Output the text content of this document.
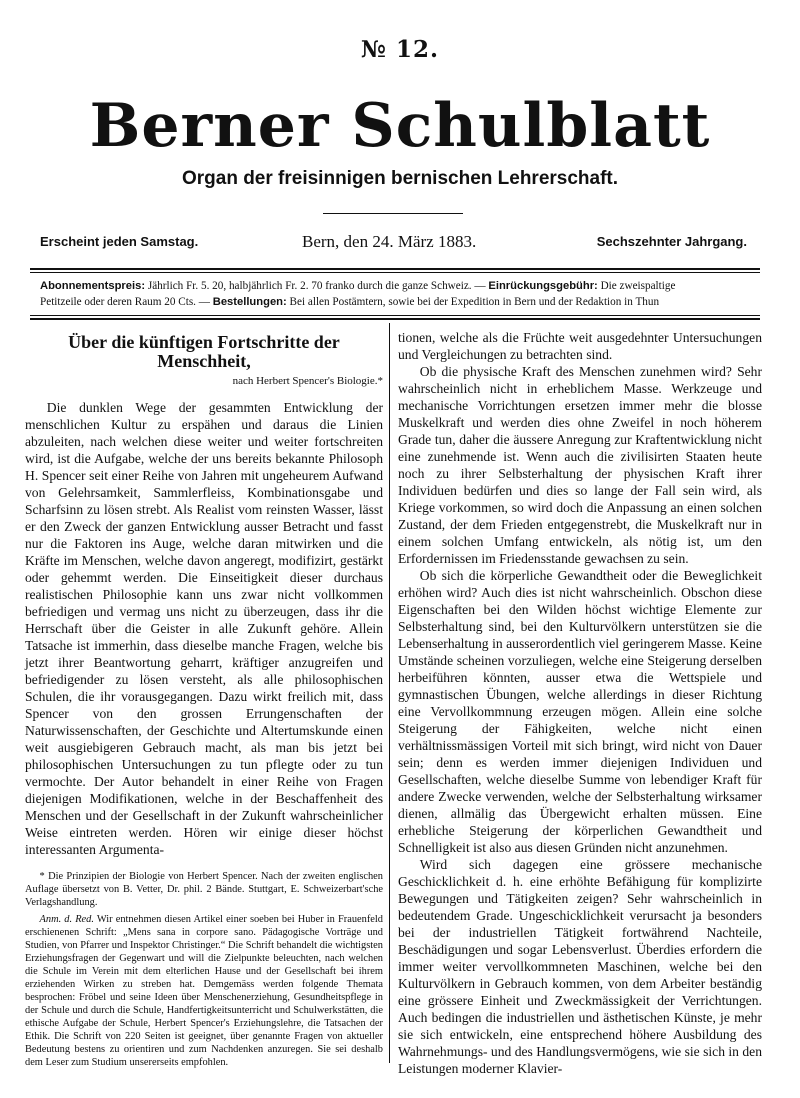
№ 12.
Berner Schulblatt
Organ der freisinnigen bernischen Lehrerschaft.
Erscheint jeden Samstag.	Bern, den 24. März 1883.	Sechszehnter Jahrgang.
Abonnementspreis: Jährlich Fr. 5. 20, halbjährlich Fr. 2. 70 franko durch die ganze Schweiz. — Einrückungsgebühr: Die zweispaltige
Petitzeile oder deren Raum 20 Cts. — Bestellungen: Bei allen Postämtern, sowie bei der Expedition in Bern und der Redaktion in Thun
Über die künftigen Fortschritte der Menschheit,
nach Herbert Spencer's Biologie.*

Die dunklen Wege der gesammten Entwicklung der menschlichen Kultur zu erspähen und daraus die Linien abzuleiten, nach welchen diese weiter und weiter fortschreiten wird, ist die Aufgabe, welche der uns bereits bekannte Philosoph H. Spencer seit einer Reihe von Jahren mit ungeheurem Aufwand von Gelehrsamkeit, Sammlerfleiss, Kombinationsgabe und Scharfsinn zu lösen strebt. Als Realist vom reinsten Wasser, lässt er den Zweck der ganzen Entwicklung ausser Betracht und fasst nur die Faktoren ins Auge, welche daran mitwirken und die Kräfte im Menschen, welche davon angeregt, modifizirt, gestärkt oder gehemmt werden. Die Einseitigkeit dieser durchaus realistischen Philosophie kann uns zwar nicht vollkommen befriedigen und vermag uns nicht zu überzeugen, dass ihr die Herrschaft über die Geister in alle Zukunft gehöre. Allein Tatsache ist immerhin, dass dieselbe manche Fragen, welche bis jetzt ihrer Beantwortung geharrt, kräftiger anzugreifen und befriedigender zu lösen versteht, als alle philosophischen Schulen, die ihr vorausgegangen. Dazu wirkt freilich mit, dass Spencer von den grossen Errungenschaften der Naturwissenschaften, der Geschichte und Altertumskunde einen weit ausgiebigeren Gebrauch macht, als man bis jetzt bei philosophischen Untersuchungen zu tun pflegte oder zu tun vermochte. Der Autor behandelt in einer Reihe von Fragen diejenigen Modifikationen, welche in der Beschaffenheit des Menschen und der Gesellschaft in der Zukunft wahrscheinlicher Weise eintreten werden. Hören wir einige dieser höchst interessanten Argumenta-

* Die Prinzipien der Biologie von Herbert Spencer. Nach der zweiten englischen Auflage übersetzt von B. Vetter, Dr. phil. 2 Bände. Stuttgart, E. Schweizerbart'sche Verlagshandlung.

Anm. d. Red. Wir entnehmen diesen Artikel einer soeben bei Huber in Frauenfeld erschienenen Schrift: „Mens sana in corpore sano. Pädagogische Vorträge und Studien, von Pfarrer und Inspektor Christinger.“ Die Schrift behandelt die wichtigsten Erziehungsfragen der Gegenwart und will die Zielpunkte beleuchten, nach welchen die Schule im Verein mit dem elterlichen Hause und der Gesellschaft bei ihrem erziehenden Wirken zu streben hat. Demgemäss werden folgende Themata besprochen: Fröbel und seine Ideen über Menschenerziehung, Gesundheitspflege in der Schule und durch die Schule, Handfertigkeitsunterricht und Schulwerkstätten, die ethische Aufgabe der Schule, Herbert Spencer's Erziehungslehre, die Tatsachen der Ethik. Die Schrift von 220 Seiten ist geeignet, über genannte Fragen von aktueller Bedeutung bestens zu orientiren und zum Nachdenken anzuregen. Sie sei deshalb dem Leser zum Studium unsererseits empfohlen.

tionen, welche als die Früchte weit ausgedehnter Untersuchungen und Vergleichungen zu betrachten sind.

Ob die physische Kraft des Menschen zunehmen wird? Sehr wahrscheinlich nicht in erheblichem Masse. Werkzeuge und mechanische Vorrichtungen ersetzen immer mehr die blosse Muskelkraft und werden dies ohne Zweifel in noch höherem Grade tun, daher die äussere Anregung zur Kraftentwicklung nicht eine zunehmende ist. Wenn auch die zivilisirten Staaten heute noch zu ihrer Selbsterhaltung der physischen Kraft ihrer Individuen bedürfen und dies so lange der Fall sein wird, als Kriege vorkommen, so wird doch die Anpassung an einen solchen Zustand, der dem Frieden entgegenstrebt, die Muskelkraft nur in einem solchen Umfang entwickeln, als nötig ist, um den Erfordernissen im Friedensstande gewachsen zu sein.

Ob sich die körperliche Gewandtheit oder die Beweglichkeit erhöhen wird? Auch dies ist nicht wahrscheinlich. Obschon diese Eigenschaften bei den Wilden höchst wichtige Elemente zur Selbsterhaltung sind, bei den Kulturvölkern unterstützen sie die Lebenserhaltung in ausserordentlich viel geringerem Masse. Keine Umstände scheinen vorzuliegen, welche eine Steigerung derselben herbeiführen könnten, ausser etwa die Wettspiele und gymnastischen Übungen, welche allerdings in dieser Richtung eine Vervollkommnung erzeugen mögen. Allein eine solche Steigerung der Fähigkeiten, welche nicht einen verhältnissmässigen Vorteil mit sich bringt, wird nicht von Dauer sein; denn es werden immer diejenigen Individuen und Gesellschaften, welche dieselbe Summe von lebendiger Kraft für andere Zwecke verwenden, welche der Selbsterhaltung wirksamer dienen, allmälig das Übergewicht erhalten müssen. Eine erhebliche Steigerung der körperlichen Gewandtheit und Schnelligkeit ist also aus diesen Gründen nicht anzunehmen.

Wird sich dagegen eine grössere mechanische Geschicklichkeit d. h. eine erhöhte Befähigung für komplizirte Bewegungen und Tätigkeiten zeigen? Sehr wahrscheinlich in bedeutendem Grade. Ungeschicklichkeit verursacht ja besonders bei der industriellen Tätigkeit fortwährend Nachteile, Beschädigungen und sogar Lebensverlust. Überdies erfordern die immer weiter vervollkommneten Maschinen, welche bei den Kulturvölkern in Gebrauch kommen, von dem Arbeiter beständig eine grössere Einheit und Zweckmässigkeit der Verrichtungen. Auch bedingen die industriellen und ästhetischen Künste, je mehr sie sich entwickeln, eine entsprechend höhere Ausbildung des Wahrnehmungs- und des Handlungsvermögens, wie sie sich in den Leistungen moderner Klavier-
